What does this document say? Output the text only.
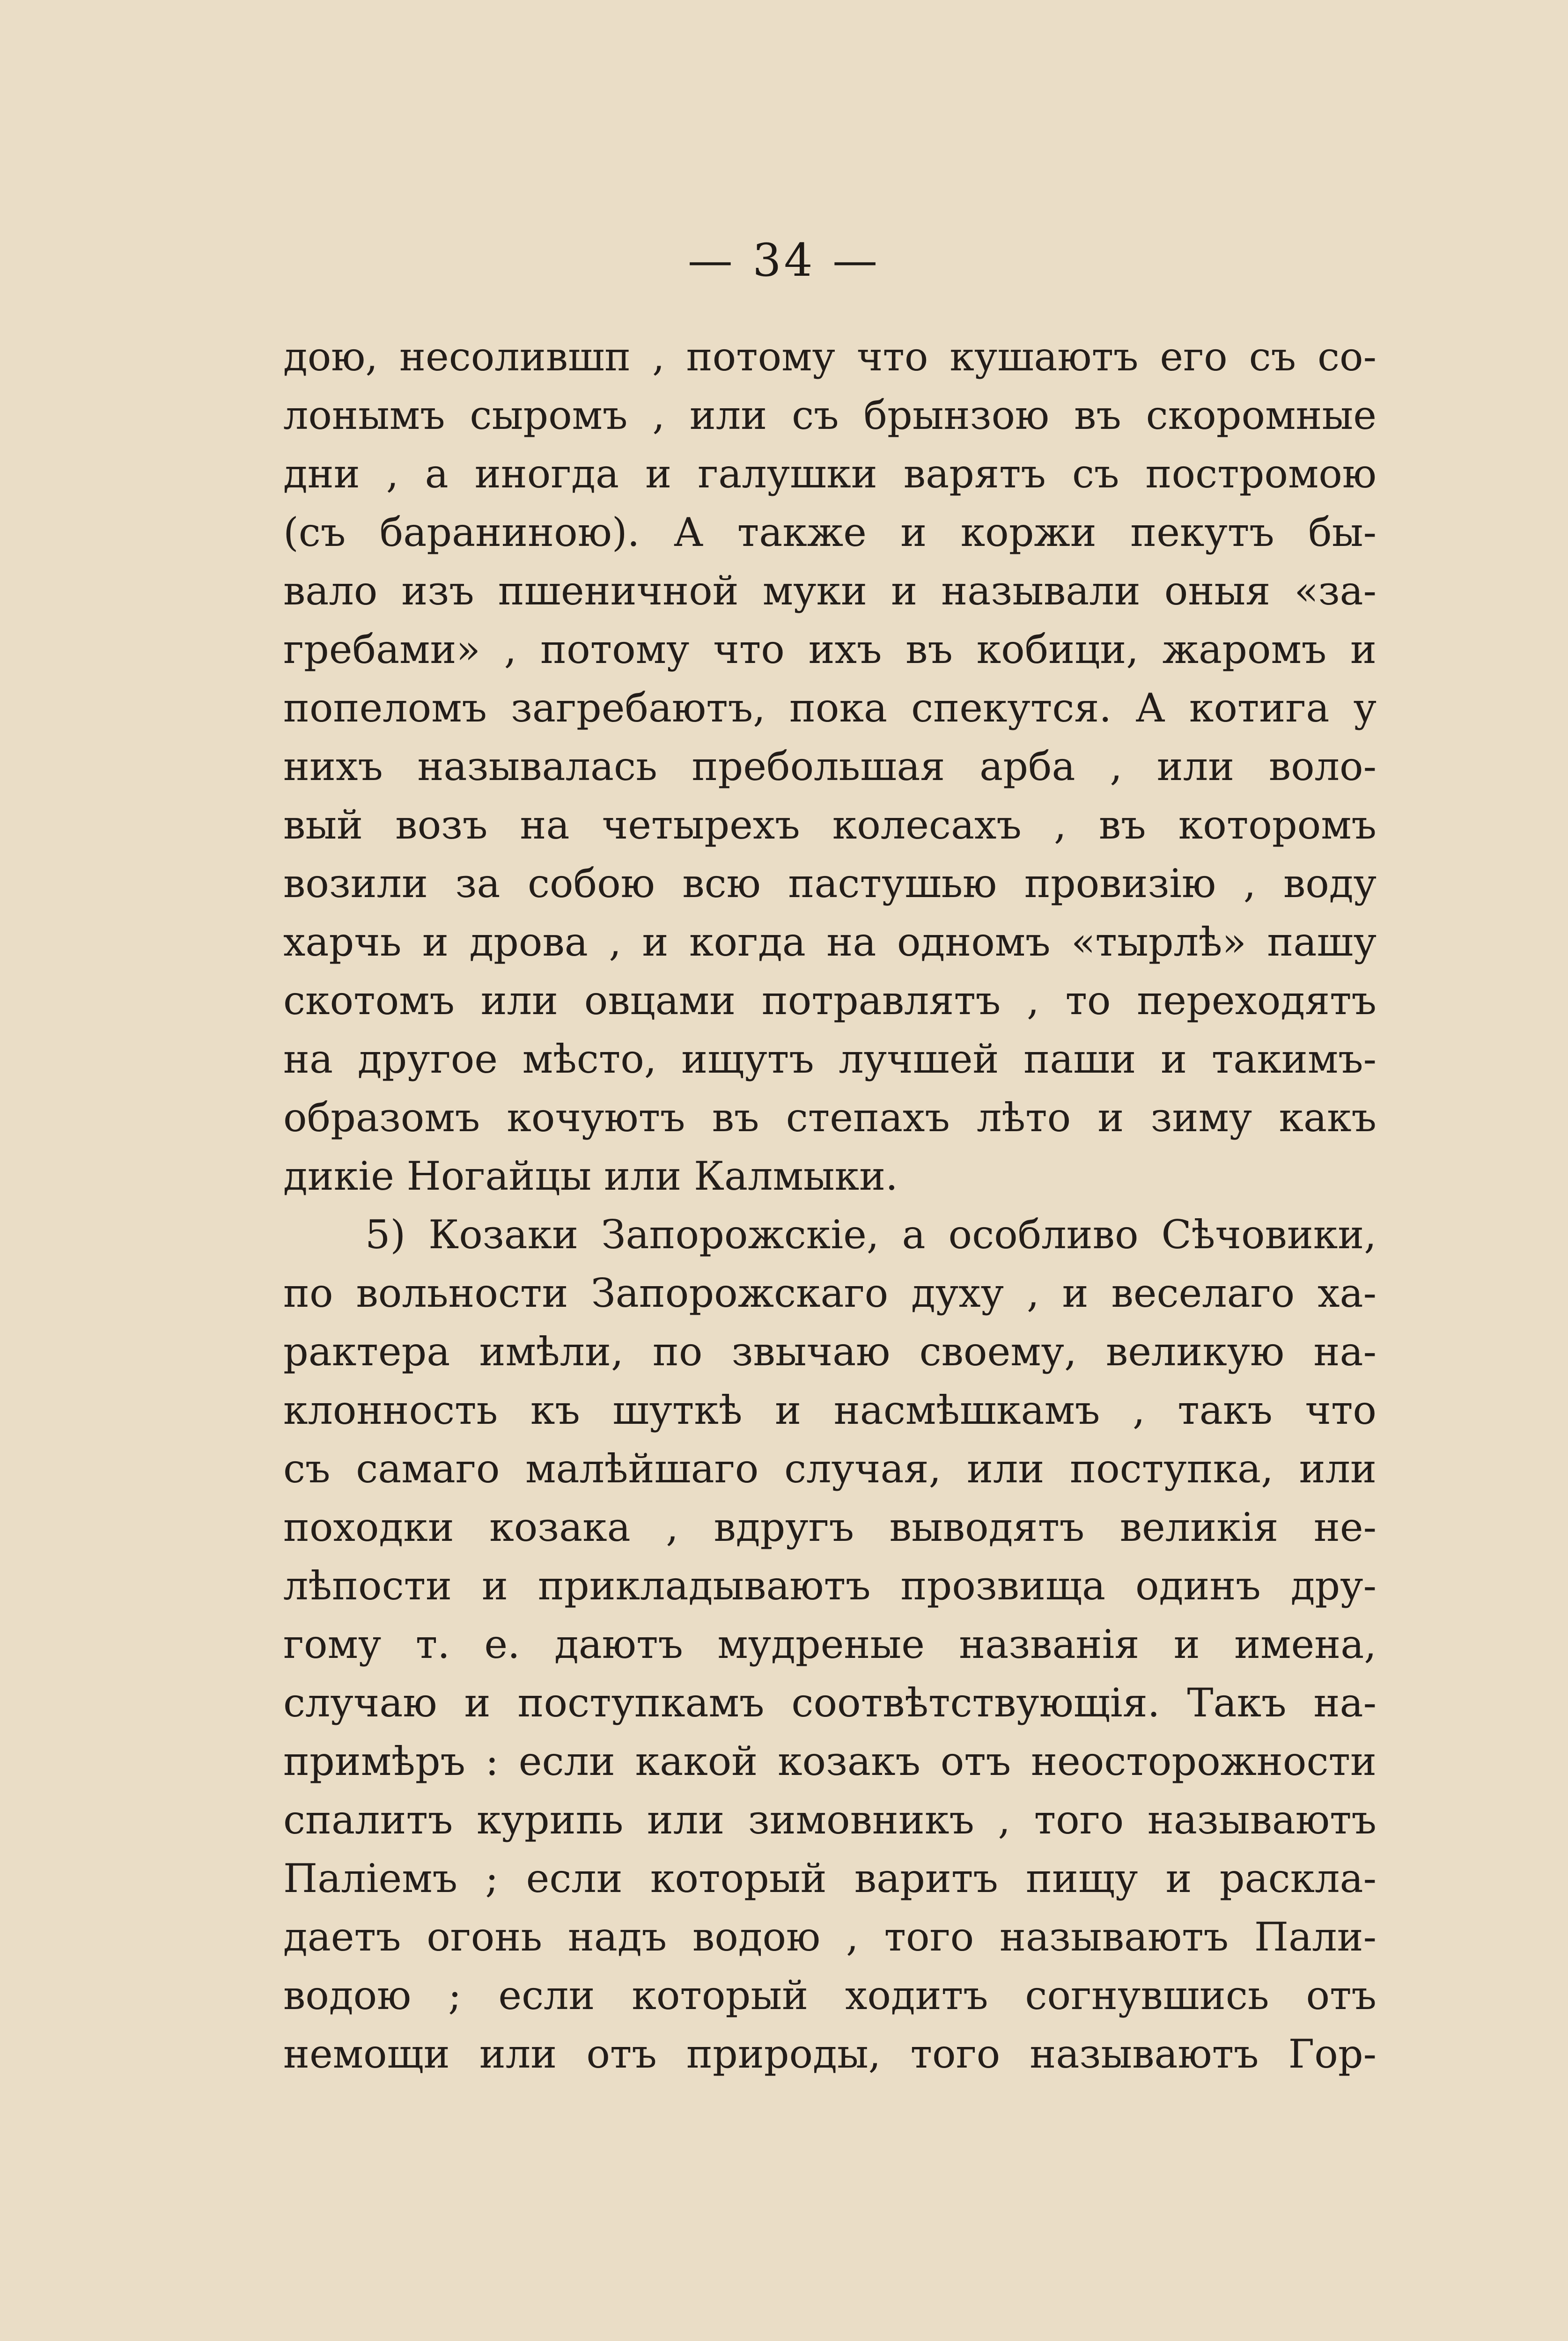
— 34 —
дою, несолившп , потому что кушаютъ его съ со-
лонымъ сыромъ , или съ брынзою въ скоромные
дни , а иногда и галушки варятъ съ постромою
(съ бараниною). А также и коржи пекутъ бы-
вало изъ пшеничной муки и называли оныя «за-
гребами» , потому что ихъ въ кобици, жаромъ и
попеломъ загребаютъ, пока спекутся. А котига у
нихъ называлась пребольшая арба , или воло-
вый возъ на четырехъ колесахъ , въ которомъ
возили за собою всю пастушью провизію , воду
харчь и дрова , и когда на одномъ «тырлѣ» пашу
скотомъ или овцами потравлятъ , то переходятъ
на другое мѣсто, ищутъ лучшей паши и такимъ-
образомъ кочуютъ въ степахъ лѣто и зиму какъ
дикіе Ногайцы или Калмыки.
5) Козаки Запорожскіе, а особливо Сѣчовики,
по вольности Запорожскаго духу , и веселаго ха-
рактера имѣли, по звычаю своему, великую на-
клонность къ шуткѣ и насмѣшкамъ , такъ что
съ самаго малѣйшаго случая, или поступка, или
походки козака , вдругъ выводятъ великія не-
лѣпости и прикладываютъ прозвища одинъ дру-
гому т. е. даютъ мудреные названія и имена,
случаю и поступкамъ соотвѣтствующія. Такъ на-
примѣръ : если какой козакъ отъ неосторожности
спалитъ курипь или зимовникъ , того называютъ
Палiемъ ; если который варитъ пищу и раскла-
даетъ огонь надъ водою , того называютъ Пали-
водою ; если который ходитъ согнувшись отъ
немощи или отъ природы, того называютъ Гор-
